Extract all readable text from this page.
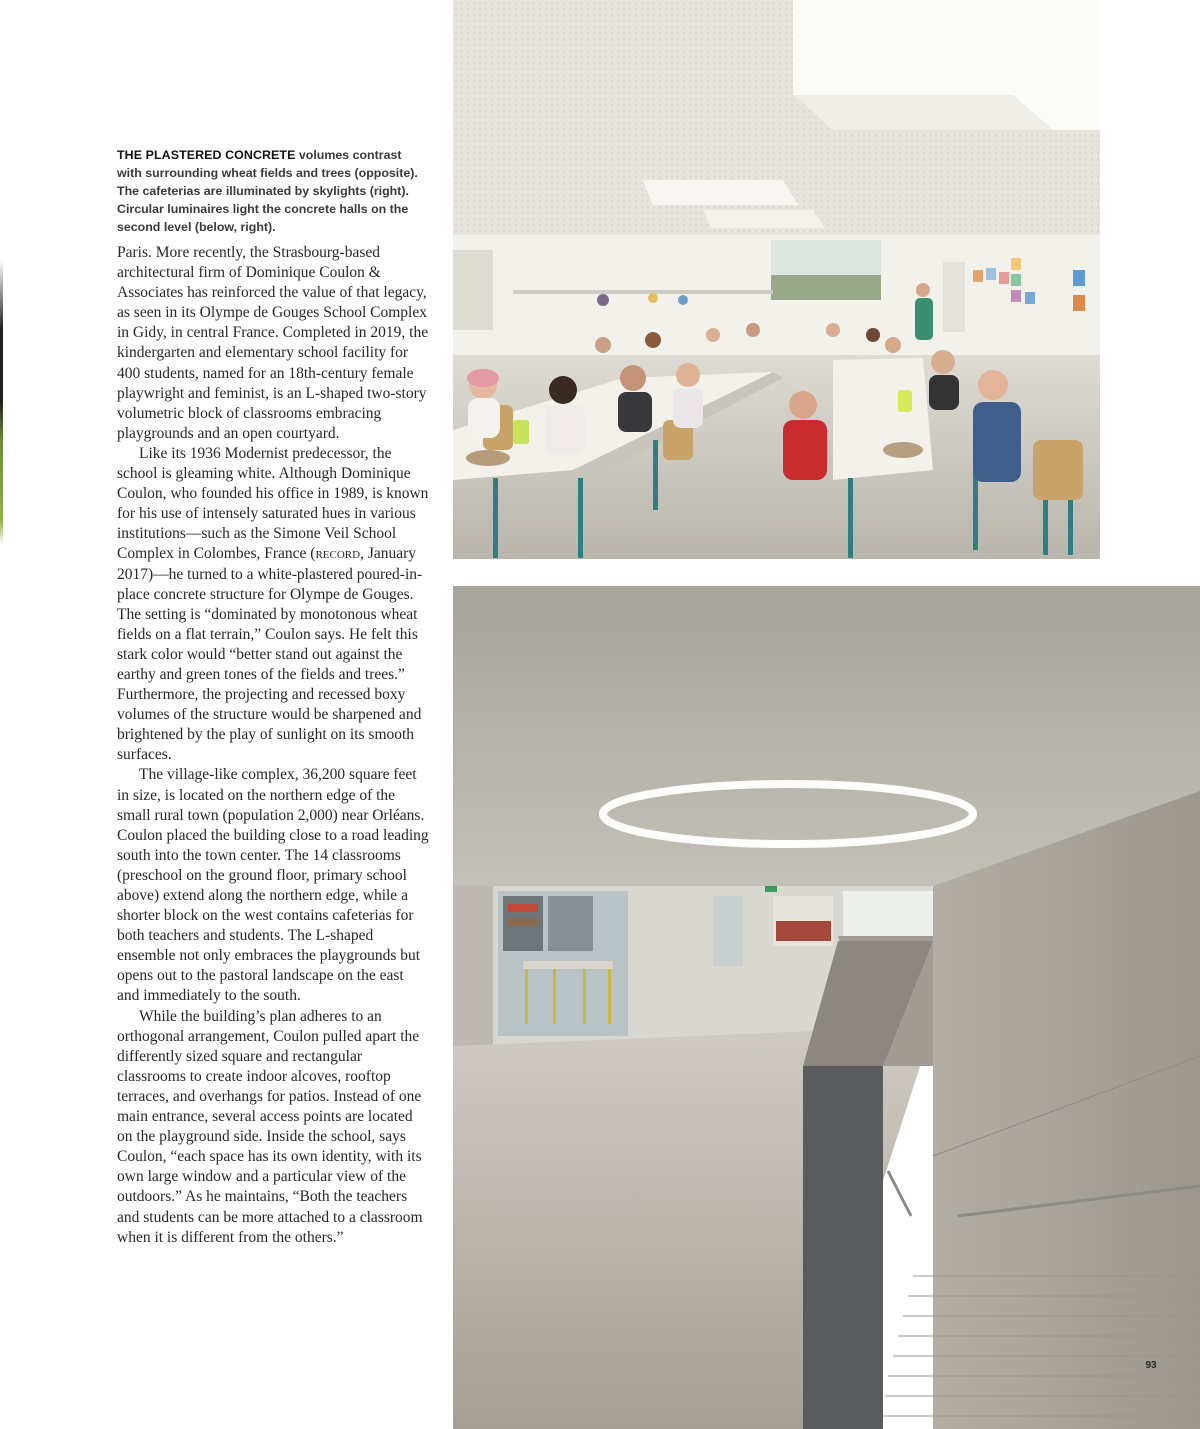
THE PLASTERED CONCRETE volumes contrast with surrounding wheat fields and trees (opposite). The cafeterias are illuminated by skylights (right). Circular luminaires light the concrete halls on the second level (below, right).

Paris. More recently, the Strasbourg-based architectural firm of Dominique Coulon & Associates has reinforced the value of that legacy, as seen in its Olympe de Gouges School Complex in Gidy, in central France. Completed in 2019, the kindergarten and elementary school facility for 400 students, named for an 18th-century female playwright and feminist, is an L-shaped two-story volumetric block of classrooms embracing playgrounds and an open courtyard.

Like its 1936 Modernist predecessor, the school is gleaming white. Although Dominique Coulon, who founded his office in 1989, is known for his use of intensely saturated hues in various institutions—such as the Simone Veil School Complex in Colombes, France (record, January 2017)—he turned to a white-plastered poured-in-place concrete structure for Olympe de Gouges. The setting is “dominated by monotonous wheat fields on a flat terrain,” Coulon says. He felt this stark color would “better stand out against the earthy and green tones of the fields and trees.” Furthermore, the projecting and recessed boxy volumes of the structure would be sharpened and brightened by the play of sunlight on its smooth surfaces.

The village-like complex, 36,200 square feet in size, is located on the northern edge of the small rural town (population 2,000) near Orléans. Coulon placed the building close to a road leading south into the town center. The 14 classrooms (preschool on the ground floor, primary school above) extend along the northern edge, while a shorter block on the west contains cafeterias for both teachers and students. The L-shaped ensemble not only embraces the playgrounds but opens out to the pastoral landscape on the east and immediately to the south.

While the building’s plan adheres to an orthogonal arrangement, Coulon pulled apart the differently sized square and rectangular classrooms to create indoor alcoves, rooftop terraces, and overhangs for patios. Instead of one main entrance, several access points are located on the playground side. Inside the school, says Coulon, “each space has its own identity, with its own large window and a particular view of the outdoors.” As he maintains, “Both the teachers and students can be more attached to a classroom when it is different from the others.”

93
